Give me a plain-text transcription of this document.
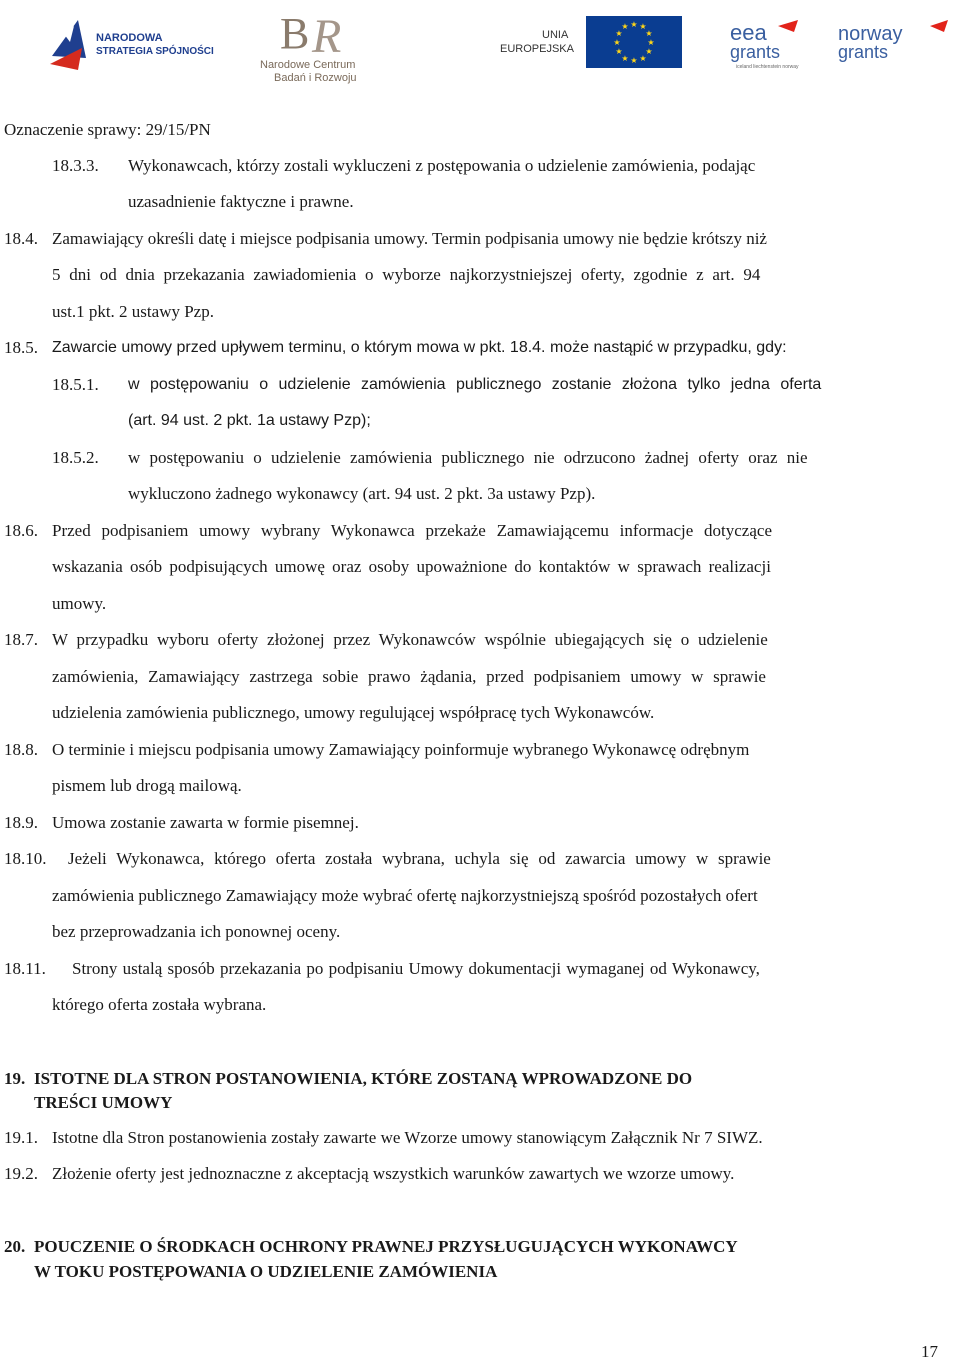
NARODOWA
STRATEGIA SPÓJNOŚCI B R
Narodowe Centrum
Badań i Rozwoju
UNIA
EUROPEJSKA
★ ★
★
★
★
★
★
★
★
★
★
★	eea
grants
iceland liechtenstein norway
norway
grants
Oznaczenie sprawy: 29/15/PN
18.3.3. Wykonawcach, którzy zostali wykluczeni z postępowania o udzielenie zamówienia, podając
uzasadnienie faktyczne i prawne.
18.4. Zamawiający określi datę i miejsce podpisania umowy. Termin podpisania umowy nie będzie krótszy niż
5 dni od dnia przekazania zawiadomienia o wyborze najkorzystniejszej oferty, zgodnie z art. 94
ust.1 pkt. 2 ustawy Pzp.
18.5. Zawarcie umowy przed upływem terminu, o którym mowa w pkt. 18.4. może nastąpić w przypadku, gdy:
18.5.1. w postępowaniu o udzielenie zamówienia publicznego zostanie złożona tylko jedna oferta
(art. 94 ust. 2 pkt. 1a ustawy Pzp);
18.5.2. w postępowaniu o udzielenie zamówienia publicznego nie odrzucono żadnej oferty oraz nie
wykluczono żadnego wykonawcy (art. 94 ust. 2 pkt. 3a ustawy Pzp).
18.6. Przed podpisaniem umowy wybrany Wykonawca przekaże Zamawiającemu informacje dotyczące
wskazania osób podpisujących umowę oraz osoby upoważnione do kontaktów w sprawach realizacji
umowy.
18.7. W przypadku wyboru oferty złożonej przez Wykonawców wspólnie ubiegających się o udzielenie
zamówienia, Zamawiający zastrzega sobie prawo żądania, przed podpisaniem umowy w sprawie
udzielenia zamówienia publicznego, umowy regulującej współpracę tych Wykonawców.
18.8. O terminie i miejscu podpisania umowy Zamawiający poinformuje wybranego Wykonawcę odrębnym
pismem lub drogą mailową.
18.9. Umowa zostanie zawarta w formie pisemnej.
18.10. Jeżeli Wykonawca, którego oferta została wybrana, uchyla się od zawarcia umowy w sprawie
zamówienia publicznego Zamawiający może wybrać ofertę najkorzystniejszą spośród pozostałych ofert
bez przeprowadzania ich ponownej oceny.
18.11. Strony ustalą sposób przekazania po podpisaniu Umowy dokumentacji wymaganej od Wykonawcy,
którego oferta została wybrana.
19. ISTOTNE DLA STRON POSTANOWIENIA, KTÓRE ZOSTANĄ WPROWADZONE DO
TREŚCI UMOWY
19.1. Istotne dla Stron postanowienia zostały zawarte we Wzorze umowy stanowiącym Załącznik Nr 7 SIWZ.
19.2. Złożenie oferty jest jednoznaczne z akceptacją wszystkich warunków zawartych we wzorze umowy.
20. POUCZENIE O ŚRODKACH OCHRONY PRAWNEJ PRZYSŁUGUJĄCYCH WYKONAWCY
W TOKU POSTĘPOWANIA O UDZIELENIE ZAMÓWIENIA
17
